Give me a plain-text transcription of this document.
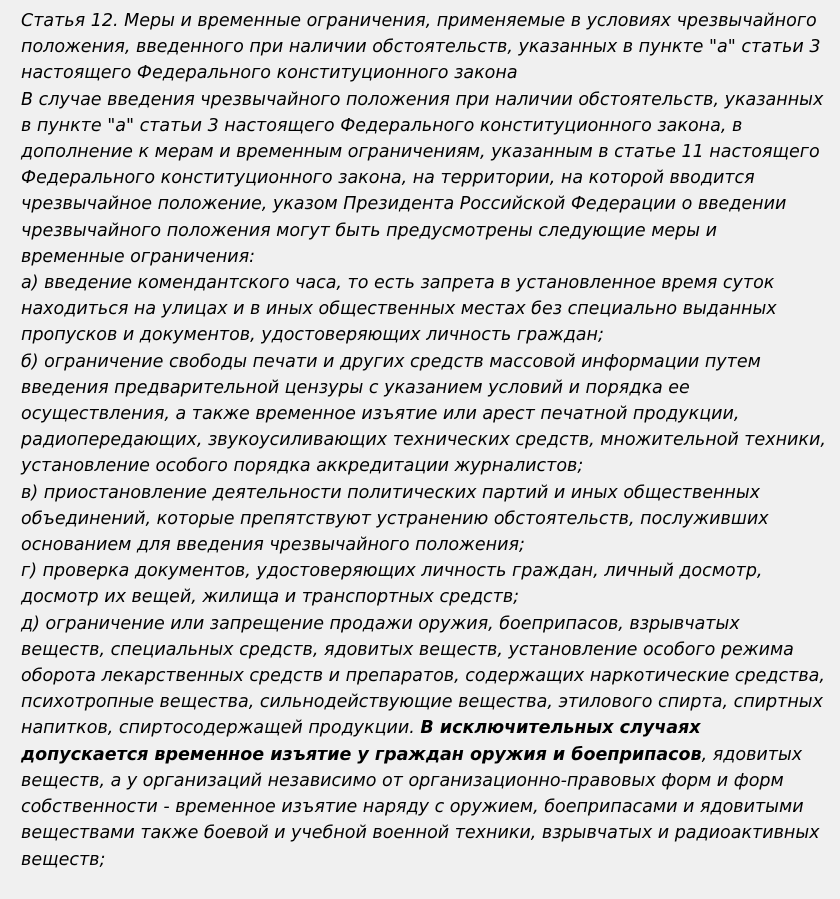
Статья 12. Меры и временные ограничения, применяемые в условиях чрезвычайного положения, введенного при наличии обстоятельств, указанных в пункте "а" статьи 3 настоящего Федерального конституционного закона

В случае введения чрезвычайного положения при наличии обстоятельств, указанных в пункте "а" статьи 3 настоящего Федерального конституционного закона, в дополнение к мерам и временным ограничениям, указанным в статье 11 настоящего Федерального конституционного закона, на территории, на которой вводится чрезвычайное положение, указом Президента Российской Федерации о введении чрезвычайного положения могут быть предусмотрены следующие меры и временные ограничения:

а) введение комендантского часа, то есть запрета в установленное время суток находиться на улицах и в иных общественных местах без специально выданных пропусков и документов, удостоверяющих личность граждан;

б) ограничение свободы печати и других средств массовой информации путем введения предварительной цензуры с указанием условий и порядка ее осуществления, а также временное изъятие или арест печатной продукции, радиопередающих, звукоусиливающих технических средств, множительной техники, установление особого порядка аккредитации журналистов;

в) приостановление деятельности политических партий и иных общественных объединений, которые препятствуют устранению обстоятельств, послуживших основанием для введения чрезвычайного положения;

г) проверка документов, удостоверяющих личность граждан, личный досмотр, досмотр их вещей, жилища и транспортных средств;

д) ограничение или запрещение продажи оружия, боеприпасов, взрывчатых веществ, специальных средств, ядовитых веществ, установление особого режима оборота лекарственных средств и препаратов, содержащих наркотические средства, психотропные вещества, сильнодействующие вещества, этилового спирта, спиртных напитков, спиртосодержащей продукции. В исключительных случаях допускается временное изъятие у граждан оружия и боеприпасов, ядовитых веществ, а у организаций независимо от организационно-правовых форм и форм собственности - временное изъятие наряду с оружием, боеприпасами и ядовитыми веществами также боевой и учебной военной техники, взрывчатых и радиоактивных веществ;
